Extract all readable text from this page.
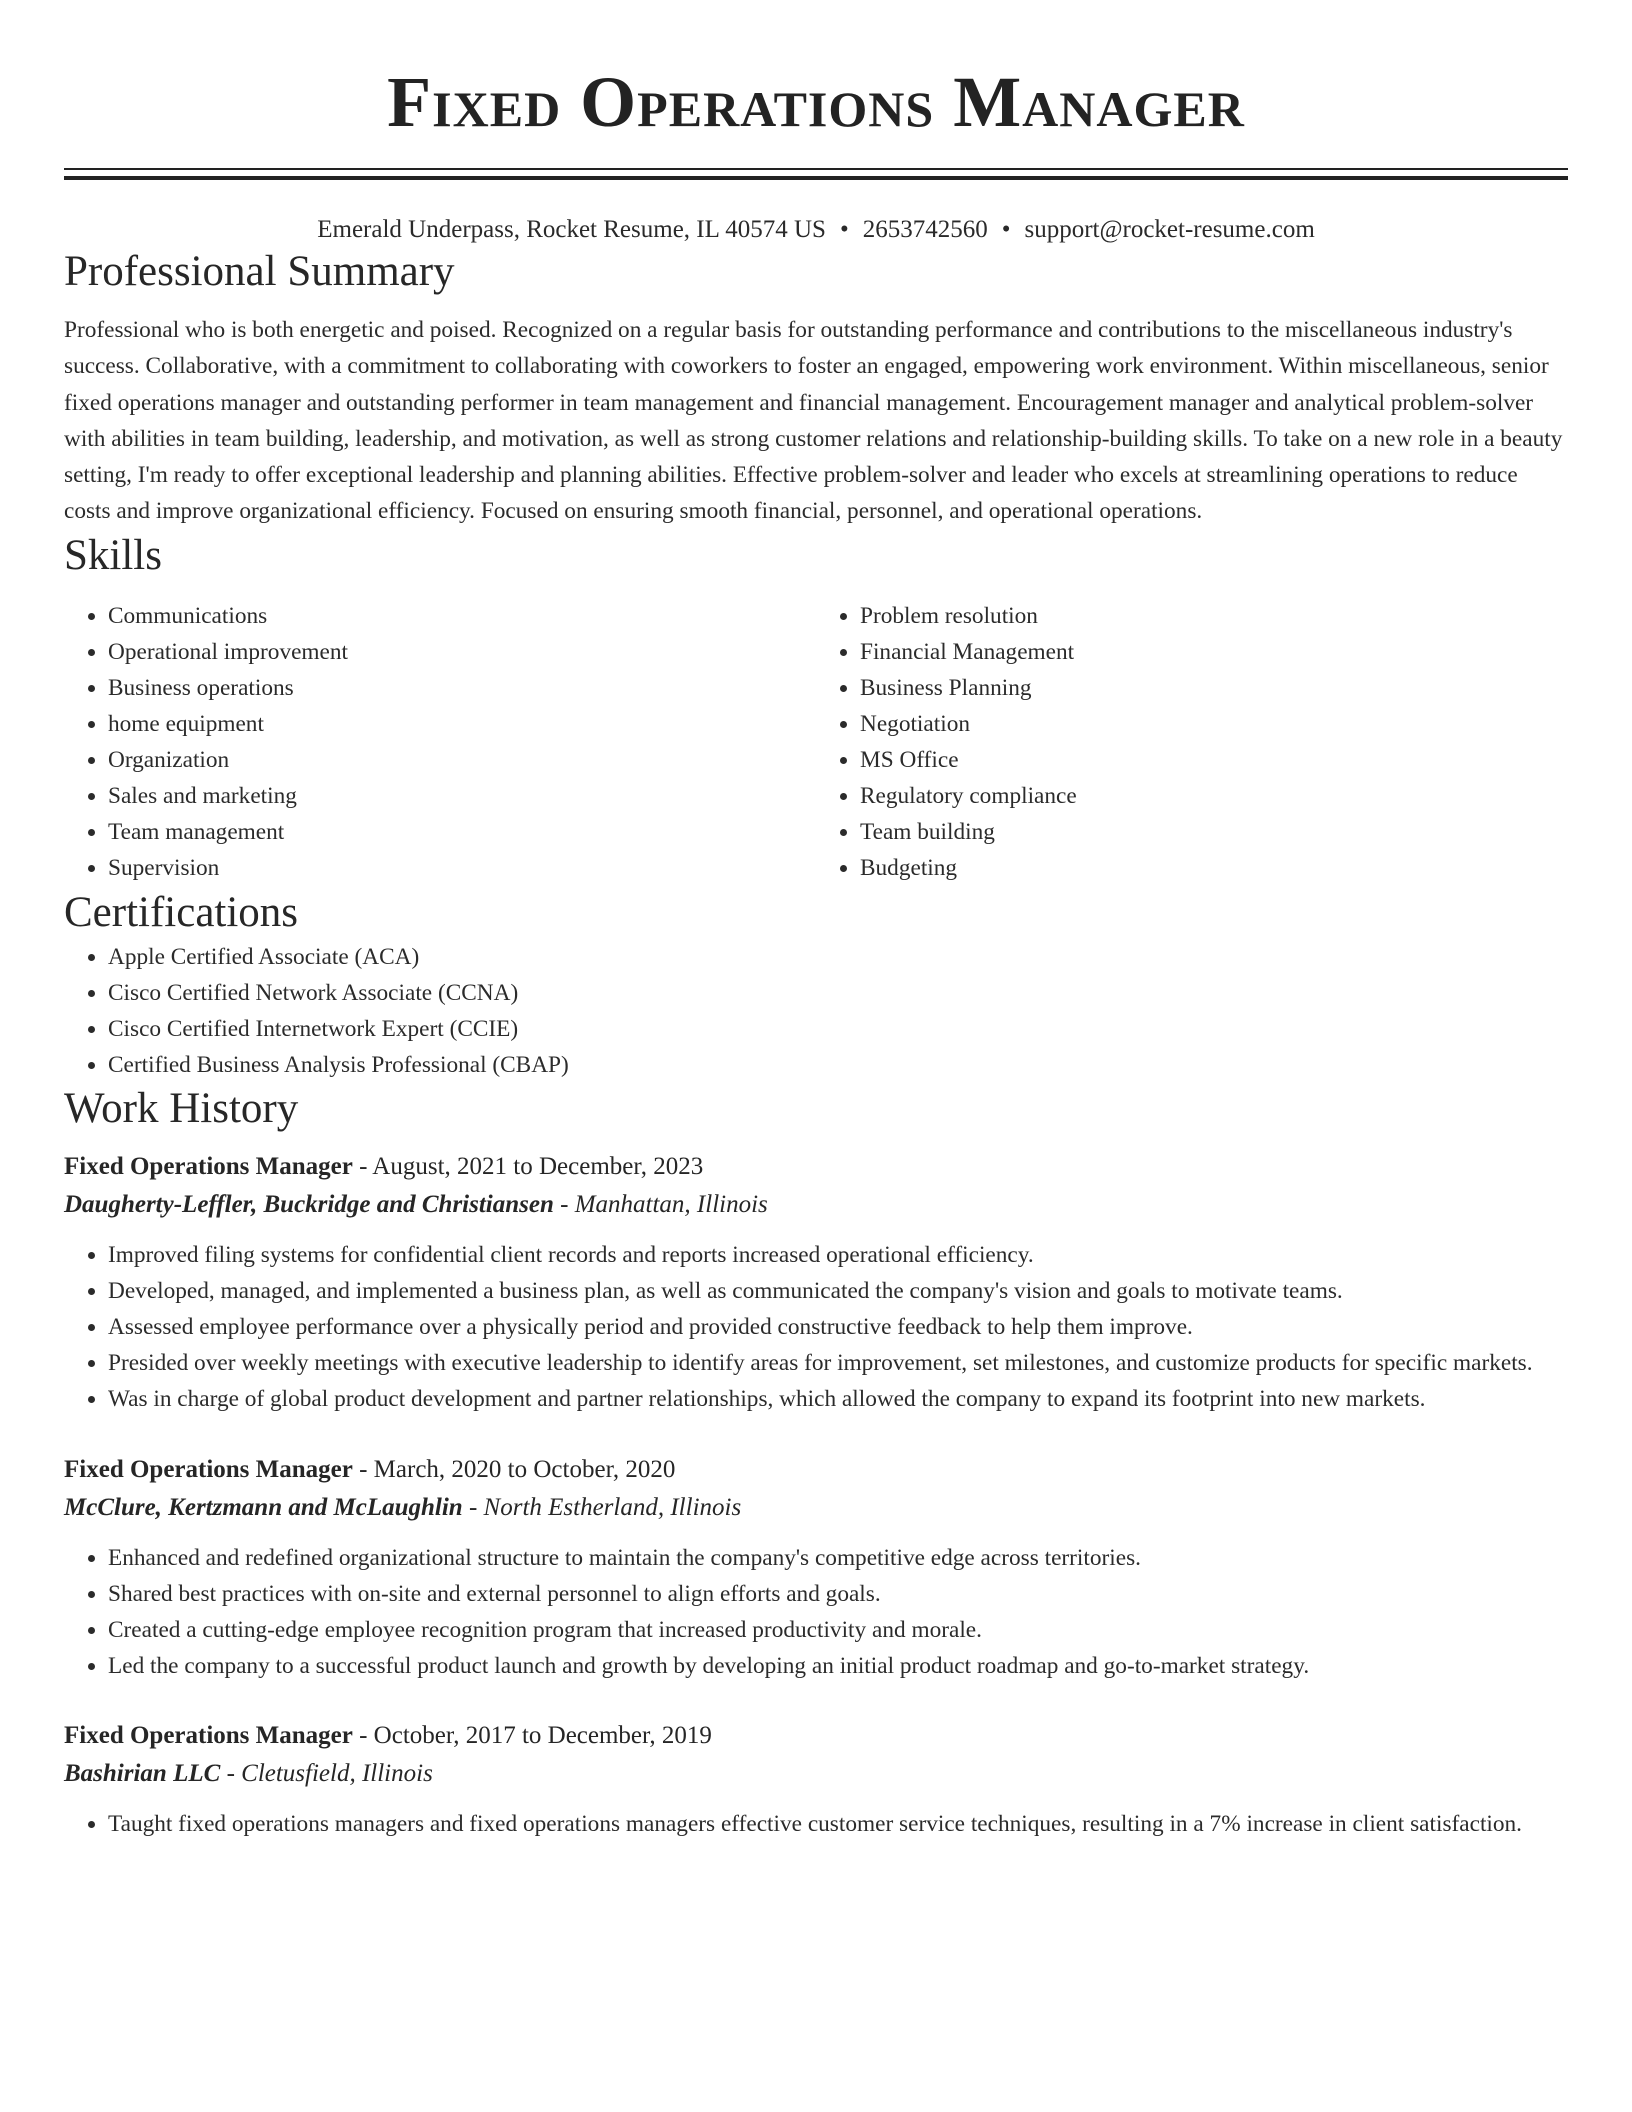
Fixed Operations Manager
Emerald Underpass, Rocket Resume, IL 40574 US • 2653742560 • support@rocket-resume.com
Professional Summary

Professional who is both energetic and poised. Recognized on a regular basis for outstanding performance and contributions to the miscellaneous industry's success. Collaborative, with a commitment to collaborating with coworkers to foster an engaged, empowering work environment. Within miscellaneous, senior fixed operations manager and outstanding performer in team management and financial management. Encouragement manager and analytical problem-solver with abilities in team building, leadership, and motivation, as well as strong customer relations and relationship-building skills. To take on a new role in a beauty setting, I'm ready to offer exceptional leadership and planning abilities. Effective problem-solver and leader who excels at streamlining operations to reduce costs and improve organizational efficiency. Focused on ensuring smooth financial, personnel, and operational operations.

Skills
• Communications
• Operational improvement
• Business operations
• home equipment
• Organization
• Sales and marketing
• Team management
• Supervision
• Problem resolution
• Financial Management
• Business Planning
• Negotiation
• MS Office
• Regulatory compliance
• Team building
• Budgeting
Certifications
• Apple Certified Associate (ACA)
• Cisco Certified Network Associate (CCNA)
• Cisco Certified Internetwork Expert (CCIE)
• Certified Business Analysis Professional (CBAP)
Work History
Fixed Operations Manager - August, 2021 to December, 2023
Daugherty-Leffler, Buckridge and Christiansen - Manhattan, Illinois
• Improved filing systems for confidential client records and reports increased operational efficiency.
• Developed, managed, and implemented a business plan, as well as communicated the company's vision and goals to motivate teams.
• Assessed employee performance over a physically period and provided constructive feedback to help them improve.
• Presided over weekly meetings with executive leadership to identify areas for improvement, set milestones, and customize products for specific markets.
• Was in charge of global product development and partner relationships, which allowed the company to expand its footprint into new markets.
Fixed Operations Manager - March, 2020 to October, 2020
McClure, Kertzmann and McLaughlin - North Estherland, Illinois
• Enhanced and redefined organizational structure to maintain the company's competitive edge across territories.
• Shared best practices with on-site and external personnel to align efforts and goals.
• Created a cutting-edge employee recognition program that increased productivity and morale.
• Led the company to a successful product launch and growth by developing an initial product roadmap and go-to-market strategy.
Fixed Operations Manager - October, 2017 to December, 2019
Bashirian LLC - Cletusfield, Illinois
• Taught fixed operations managers and fixed operations managers effective customer service techniques, resulting in a 7% increase in client satisfaction.
